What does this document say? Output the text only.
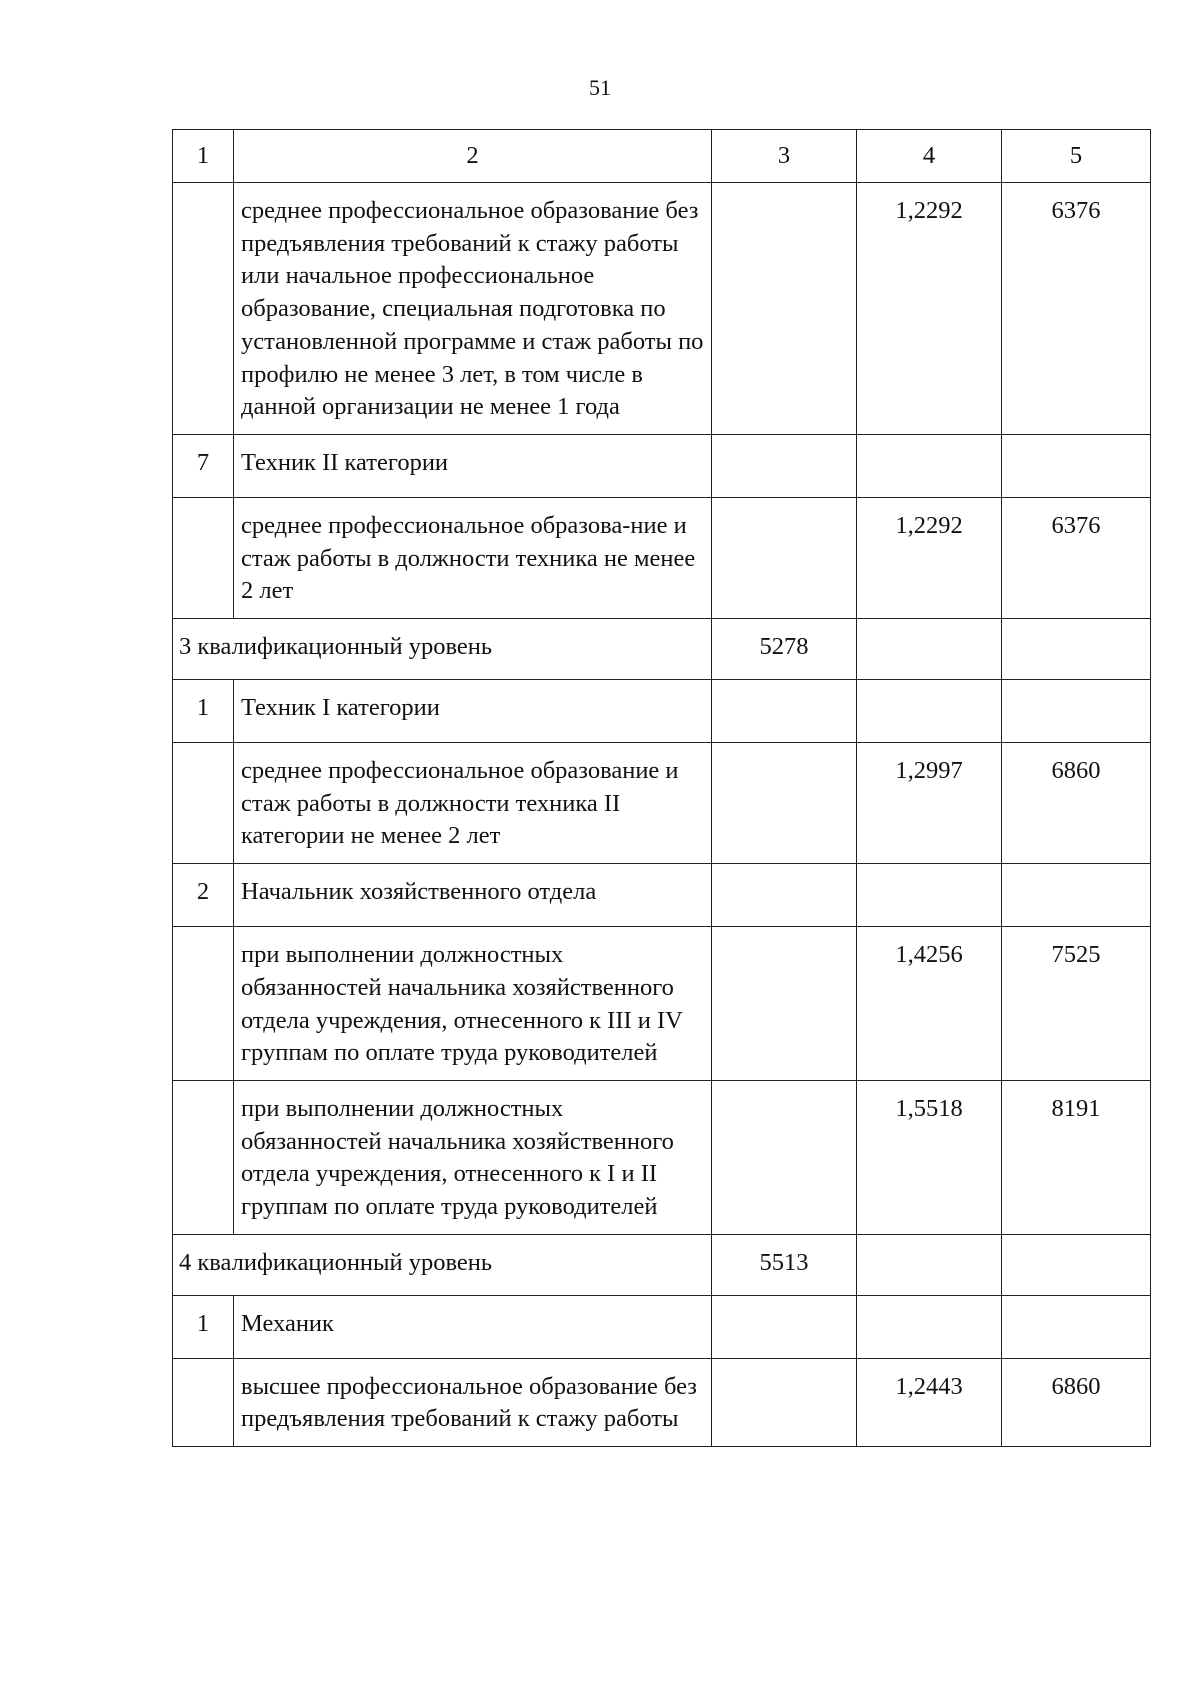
51
1	2	3	4	5
	среднее профессиональное образование без предъявления требований к стажу работы или начальное профессиональное образование, специальная подготовка по установленной программе и стаж работы по профилю не менее 3 лет, в том числе в данной организации не менее 1 года		1,2292	6376
7	Техник II категории			
	среднее профессиональное образова-ние и стаж работы в должности техника не менее 2 лет		1,2292	6376
3 квалификационный уровень		5278		
1	Техник I категории			
	среднее профессиональное образование и стаж работы в должности техника II категории не менее 2 лет		1,2997	6860
2	Начальник хозяйственного отдела			
	при выполнении должностных обязанностей начальника хозяйственного отдела учреждения, отнесенного к III и IV группам по оплате труда руководителей		1,4256	7525
	при выполнении должностных обязанностей начальника хозяйственного отдела учреждения, отнесенного к I и II группам по оплате труда руководителей		1,5518	8191
4 квалификационный уровень		5513		
1	Механик			
	высшее профессиональное образование без предъявления требований к стажу работы		1,2443	6860
